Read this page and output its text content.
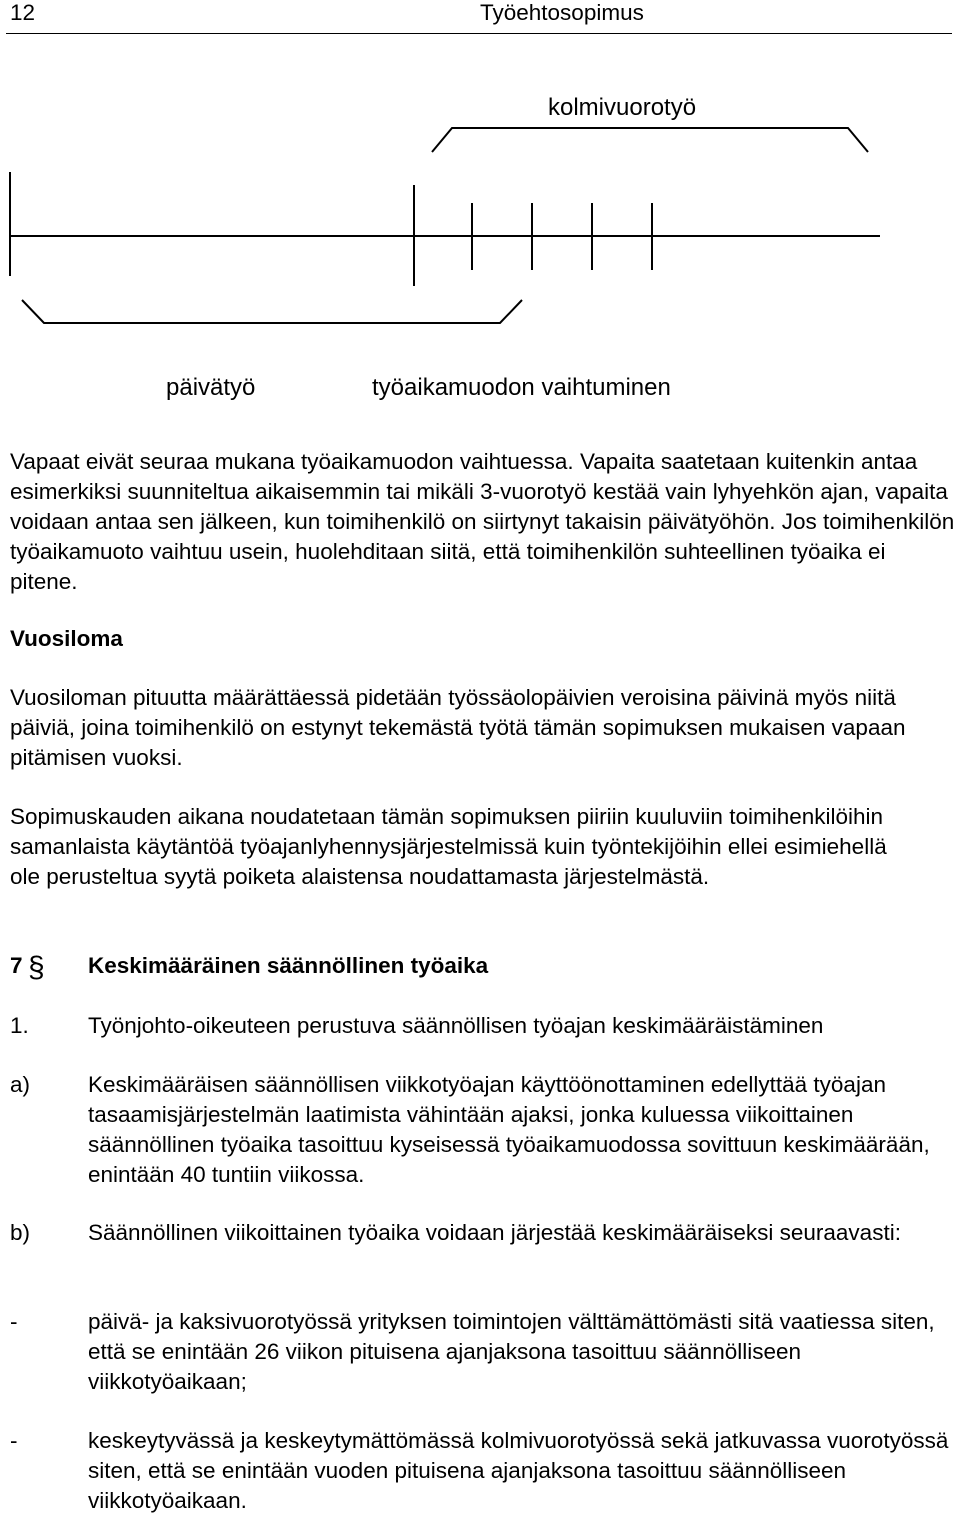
12	Työehtosopimus
kolmivuorotyö
päivätyö	työaikamuodon vaihtuminen

Vapaat eivät seuraa mukana työaikamuodon vaihtuessa. Vapaita saatetaan kuitenkin antaa esimerkiksi suunniteltua aikaisemmin tai mikäli 3-vuorotyö kestää vain lyhyehkön ajan, vapaita voidaan antaa sen jälkeen, kun toimihenkilö on siirtynyt takaisin päivätyöhön. Jos toimihenkilön työaikamuoto vaihtuu usein, huolehditaan siitä, että toimihenkilön suhteellinen työaika ei pitene.

Vuosiloma

Vuosiloman pituutta määrättäessä pidetään työssäolopäivien veroisina päivinä myös niitä päiviä, joina toimihenkilö on estynyt tekemästä työtä tämän sopimuksen mukaisen vapaan pitämisen vuoksi.

Sopimuskauden aikana noudatetaan tämän sopimuksen piiriin kuuluviin toimihenkilöihin samanlaista käytäntöä työajanlyhennysjärjestelmissä kuin työntekijöihin ellei esimiehellä ole perusteltua syytä poiketa alaistensa noudattamasta järjestelmästä.

7 § Keskimääräinen säännöllinen työaika
1.	Työnjohto-oikeuteen perustuva säännöllisen työajan keskimääräistäminen
a)	Keskimääräisen säännöllisen viikkotyöajan käyttöönottaminen edellyttää työajan tasaamisjärjestelmän laatimista vähintään ajaksi, jonka kuluessa viikoittainen säännöllinen työaika tasoittuu kyseisessä työaikamuodossa sovittuun keskimäärään, enintään 40 tuntiin viikossa.
b)	Säännöllinen viikoittainen työaika voidaan järjestää keskimääräiseksi seuraavasti:
-	päivä- ja kaksivuorotyössä yrityksen toimintojen välttämättömästi sitä vaatiessa siten, että se enintään 26 viikon pituisena ajanjaksona tasoittuu säännölliseen viikkotyöaikaan;
-	keskeytyvässä ja keskeytymättömässä kolmivuorotyössä sekä jatkuvassa vuorotyössä siten, että se enintään vuoden pituisena ajanjaksona tasoittuu säännölliseen viikkotyöaikaan.
